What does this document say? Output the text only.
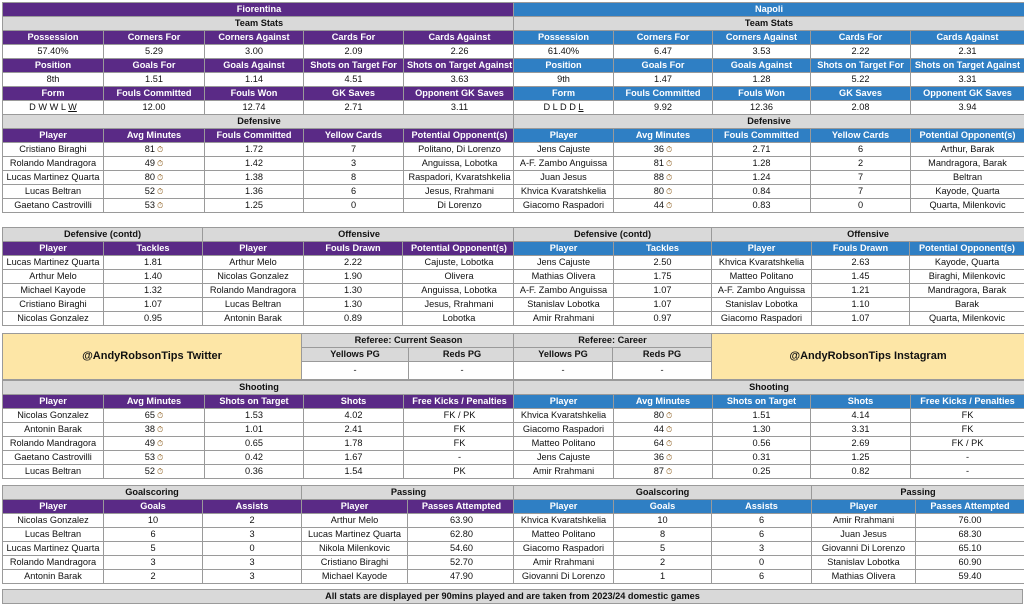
Fiorentina				
Team Stats				
Possession	Corners For	Corners Against	Cards For	Cards Against
57.40%	5.29	3.00	2.09	2.26
Position	Goals For	Goals Against	Shots on Target For	Shots on Target Against
8th	1.51	1.14	4.51	3.63
Form	Fouls Committed	Fouls Won	GK Saves	Opponent GK Saves
D W W L W	12.00	12.74	2.71	3.11
Defensive				
Player	Avg Minutes	Fouls Committed	Yellow Cards	Potential Opponent(s)
Cristiano Biraghi	81 ⏱	1.72	7	Politano, Di Lorenzo
Rolando Mandragora	49 ⏱	1.42	3	Anguissa, Lobotka
Lucas Martinez Quarta	80 ⏱	1.38	8	Raspadori, Kvaratshkelia
Lucas Beltran	52 ⏱	1.36	6	Jesus, Rrahmani
Gaetano Castrovilli	53 ⏱	1.25	0	Di Lorenzo
Napoli				
Team Stats				
Possession	Corners For	Corners Against	Cards For	Cards Against
61.40%	6.47	3.53	2.22	2.31
Position	Goals For	Goals Against	Shots on Target For	Shots on Target Against
9th	1.47	1.28	5.22	3.31
Form	Fouls Committed	Fouls Won	GK Saves	Opponent GK Saves
D L D D L	9.92	12.36	2.08	3.94
Defensive				
Player	Avg Minutes	Fouls Committed	Yellow Cards	Potential Opponent(s)
Jens Cajuste	36 ⏱	2.71	6	Arthur, Barak
A-F. Zambo Anguissa	81 ⏱	1.28	2	Mandragora, Barak
Juan Jesus	88 ⏱	1.24	7	Beltran
Khvica Kvaratshkelia	80 ⏱	0.84	7	Kayode, Quarta
Giacomo Raspadori	44 ⏱	0.83	0	Quarta, Milenkovic
Defensive (contd)		Offensive		
Player	Tackles	Player	Fouls Drawn	Potential Opponent(s)
Lucas Martinez Quarta	1.81	Arthur Melo	2.22	Cajuste, Lobotka
Arthur Melo	1.40	Nicolas Gonzalez	1.90	Olivera
Michael Kayode	1.32	Rolando Mandragora	1.30	Anguissa, Lobotka
Cristiano Biraghi	1.07	Lucas Beltran	1.30	Jesus, Rrahmani
Nicolas Gonzalez	0.95	Antonin Barak	0.89	Lobotka
Defensive (contd)		Offensive		
Player	Tackles	Player	Fouls Drawn	Potential Opponent(s)
Jens Cajuste	2.50	Khvica Kvaratshkelia	2.63	Kayode, Quarta
Mathias Olivera	1.75	Matteo Politano	1.45	Biraghi, Milenkovic
A-F. Zambo Anguissa	1.07	A-F. Zambo Anguissa	1.21	Mandragora, Barak
Stanislav Lobotka	1.07	Stanislav Lobotka	1.10	Barak
Amir Rrahmani	0.97	Giacomo Raspadori	1.07	Quarta, Milenkovic
@AndyRobsonTips Twitter
Referee: Current Season	
Yellows PG	Reds PG
-	-
Referee: Career	
Yellows PG	Reds PG
-	-
@AndyRobsonTips Instagram
Shooting				
Player	Avg Minutes	Shots on Target	Shots	Free Kicks / Penalties
Nicolas Gonzalez	65 ⏱	1.53	4.02	FK / PK
Antonin Barak	38 ⏱	1.01	2.41	FK
Rolando Mandragora	49 ⏱	0.65	1.78	FK
Gaetano Castrovilli	53 ⏱	0.42	1.67	-
Lucas Beltran	52 ⏱	0.36	1.54	PK
Shooting				
Player	Avg Minutes	Shots on Target	Shots	Free Kicks / Penalties
Khvica Kvaratshkelia	80 ⏱	1.51	4.14	FK
Giacomo Raspadori	44 ⏱	1.30	3.31	FK
Matteo Politano	64 ⏱	0.56	2.69	FK / PK
Jens Cajuste	36 ⏱	0.31	1.25	-
Amir Rrahmani	87 ⏱	0.25	0.82	-
Goalscoring			Passing	
Player	Goals	Assists	Player	Passes Attempted
Nicolas Gonzalez	10	2	Arthur Melo	63.90
Lucas Beltran	6	3	Lucas Martinez Quarta	62.80
Lucas Martinez Quarta	5	0	Nikola Milenkovic	54.60
Rolando Mandragora	3	3	Cristiano Biraghi	52.70
Antonin Barak	2	3	Michael Kayode	47.90
Goalscoring			Passing	
Player	Goals	Assists	Player	Passes Attempted
Khvica Kvaratshkelia	10	6	Amir Rrahmani	76.00
Matteo Politano	8	6	Juan Jesus	68.30
Giacomo Raspadori	5	3	Giovanni Di Lorenzo	65.10
Amir Rrahmani	2	0	Stanislav Lobotka	60.90
Giovanni Di Lorenzo	1	6	Mathias Olivera	59.40
All stats are displayed per 90mins played and are taken from 2023/24 domestic games
